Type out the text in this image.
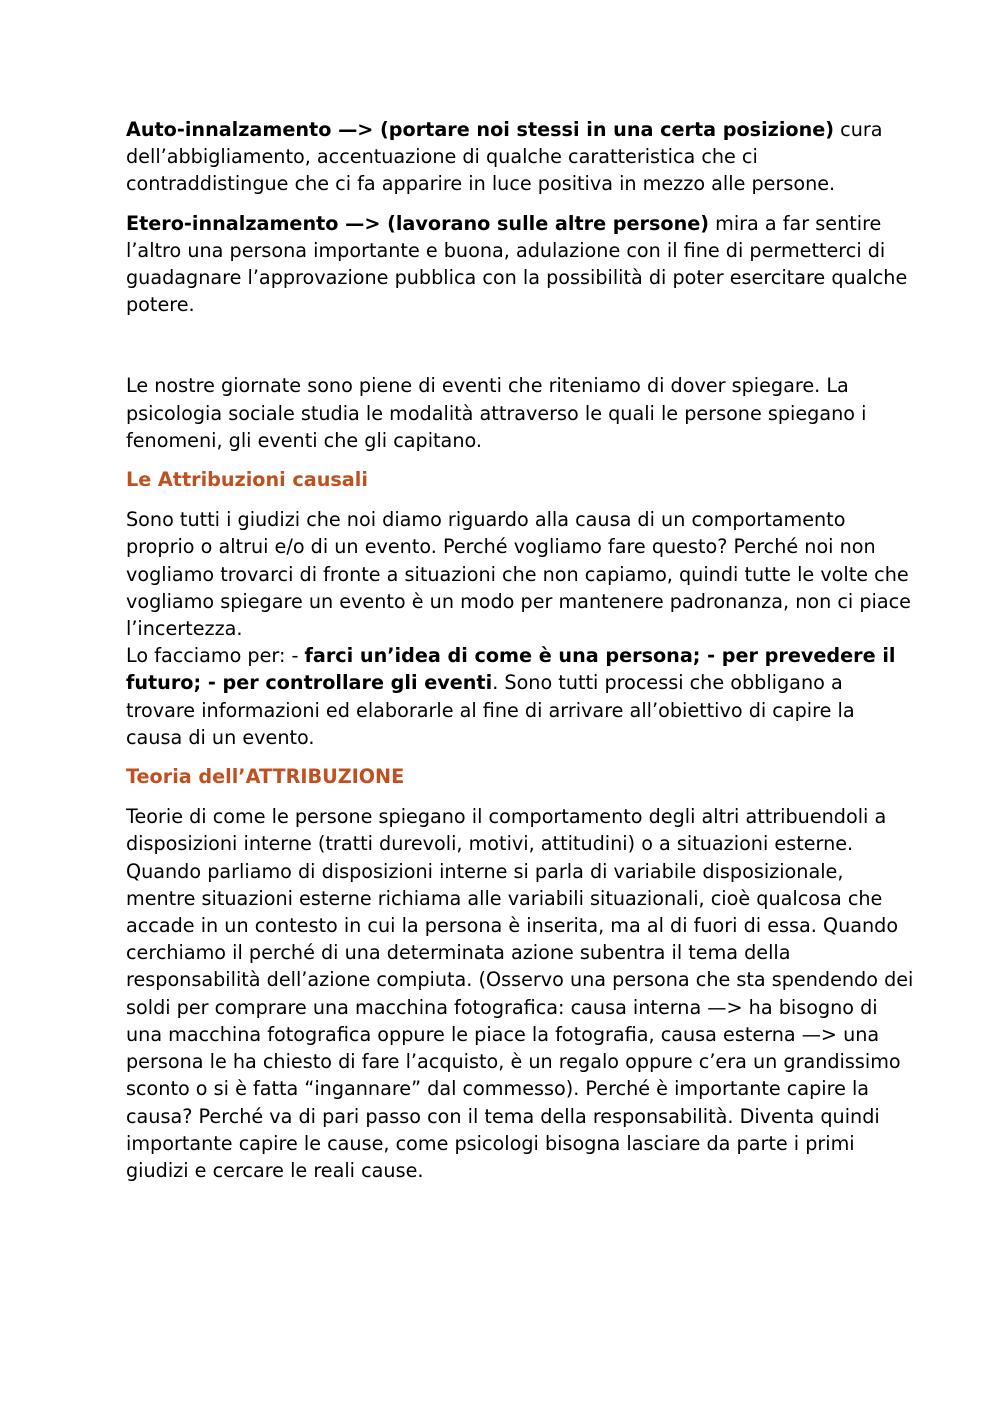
Auto-innalzamento —> (portare noi stessi in una certa posizione) cura dell’abbigliamento, accentuazione di qualche caratteristica che ci contraddistingue che ci fa apparire in luce positiva in mezzo alle persone.

Etero-innalzamento —> (lavorano sulle altre persone) mira a far sentire l’altro una persona importante e buona, adulazione con il fine di permetterci di guadagnare l’approvazione pubblica con la possibilità di poter esercitare qualche potere.

Le nostre giornate sono piene di eventi che riteniamo di dover spiegare. La psicologia sociale studia le modalità attraverso le quali le persone spiegano i fenomeni, gli eventi che gli capitano.

Le Attribuzioni causali

Sono tutti i giudizi che noi diamo riguardo alla causa di un comportamento proprio o altrui e/o di un evento. Perché vogliamo fare questo? Perché noi non vogliamo trovarci di fronte a situazioni che non capiamo, quindi tutte le volte che vogliamo spiegare un evento è un modo per mantenere padronanza, non ci piace l’incertezza.

Lo facciamo per: - farci un’idea di come è una persona; - per prevedere il futuro; - per controllare gli eventi. Sono tutti processi che obbligano a trovare informazioni ed elaborarle al fine di arrivare all’obiettivo di capire la causa di un evento.

Teoria dell’ATTRIBUZIONE

Teorie di come le persone spiegano il comportamento degli altri attribuendoli a disposizioni interne (tratti durevoli, motivi, attitudini) o a situazioni esterne. Quando parliamo di disposizioni interne si parla di variabile disposizionale, mentre situazioni esterne richiama alle variabili situazionali, cioè qualcosa che accade in un contesto in cui la persona è inserita, ma al di fuori di essa. Quando cerchiamo il perché di una determinata azione subentra il tema della responsabilità dell’azione compiuta. (Osservo una persona che sta spendendo dei soldi per comprare una macchina fotografica: causa interna —> ha bisogno di una macchina fotografica oppure le piace la fotografia, causa esterna —> una persona le ha chiesto di fare l’acquisto, è un regalo oppure c’era un grandissimo sconto o si è fatta “ingannare” dal commesso). Perché è importante capire la causa? Perché va di pari passo con il tema della responsabilità. Diventa quindi importante capire le cause, come psicologi bisogna lasciare da parte i primi giudizi e cercare le reali cause.
